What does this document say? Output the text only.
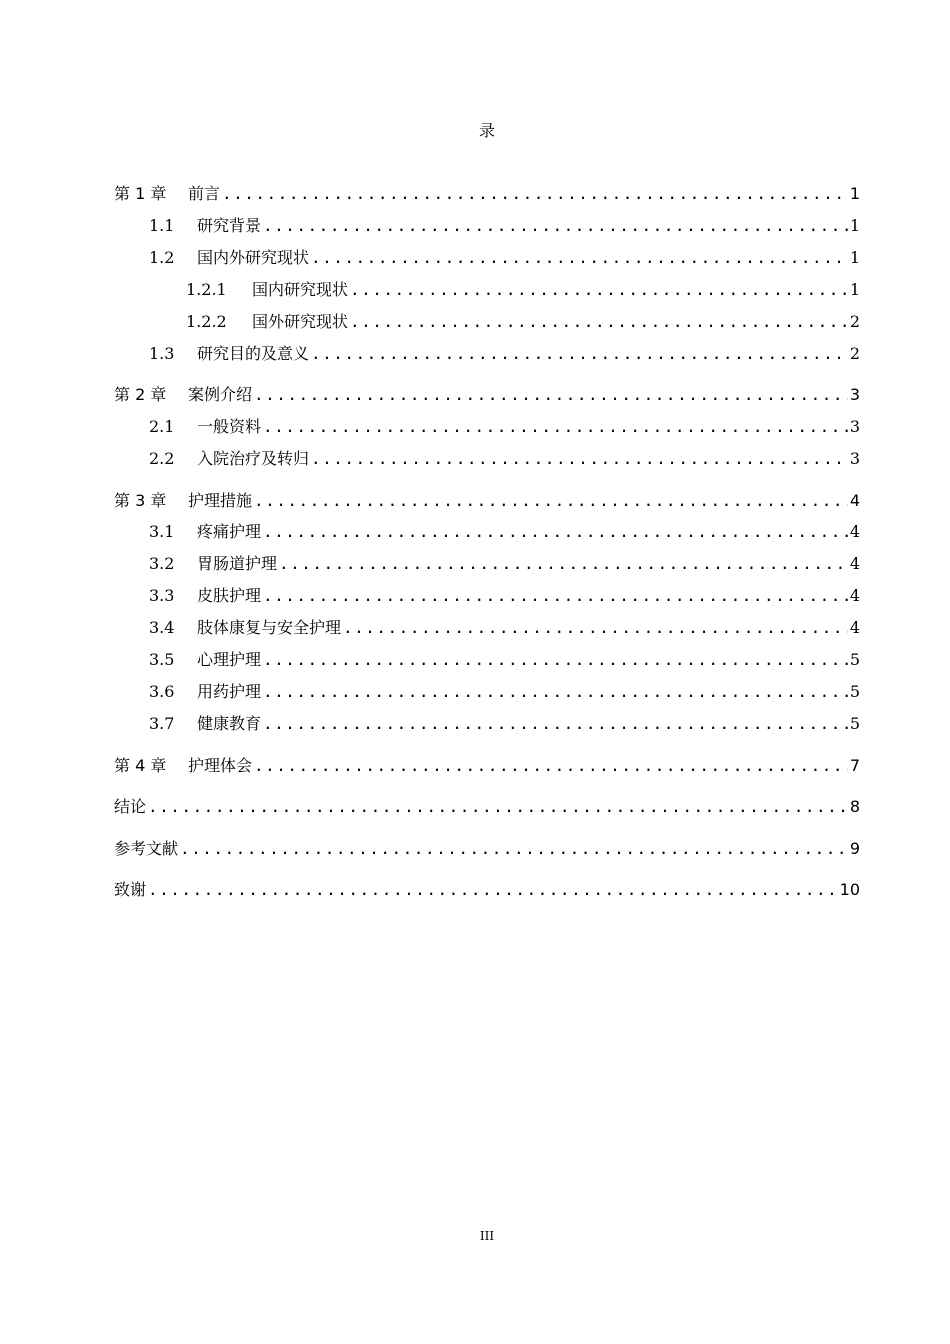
录
第 1 章	前言 .....	1
1.1	研究背景 .....	1
1.2	国内外研究现状 .....	1
1.2.1	国内研究现状 .....	1
1.2.2	国外研究现状 .....	2
1.3	研究目的及意义 .....	2
第 2 章	案例介绍 .....	3
2.1	一般资料 .....	3
2.2	入院治疗及转归 .....	3
第 3 章	护理措施 .....	4
3.1	疼痛护理 .....	4
3.2	胃肠道护理 .....	4
3.3	皮肤护理 .....	4
3.4	肢体康复与安全护理 .....	4
3.5	心理护理 .....	5
3.6	用药护理 .....	5
3.7	健康教育 .....	5
第 4 章	护理体会 .....	7
结论 .....	8
参考文献 .....	9
致谢 .....	10
III
